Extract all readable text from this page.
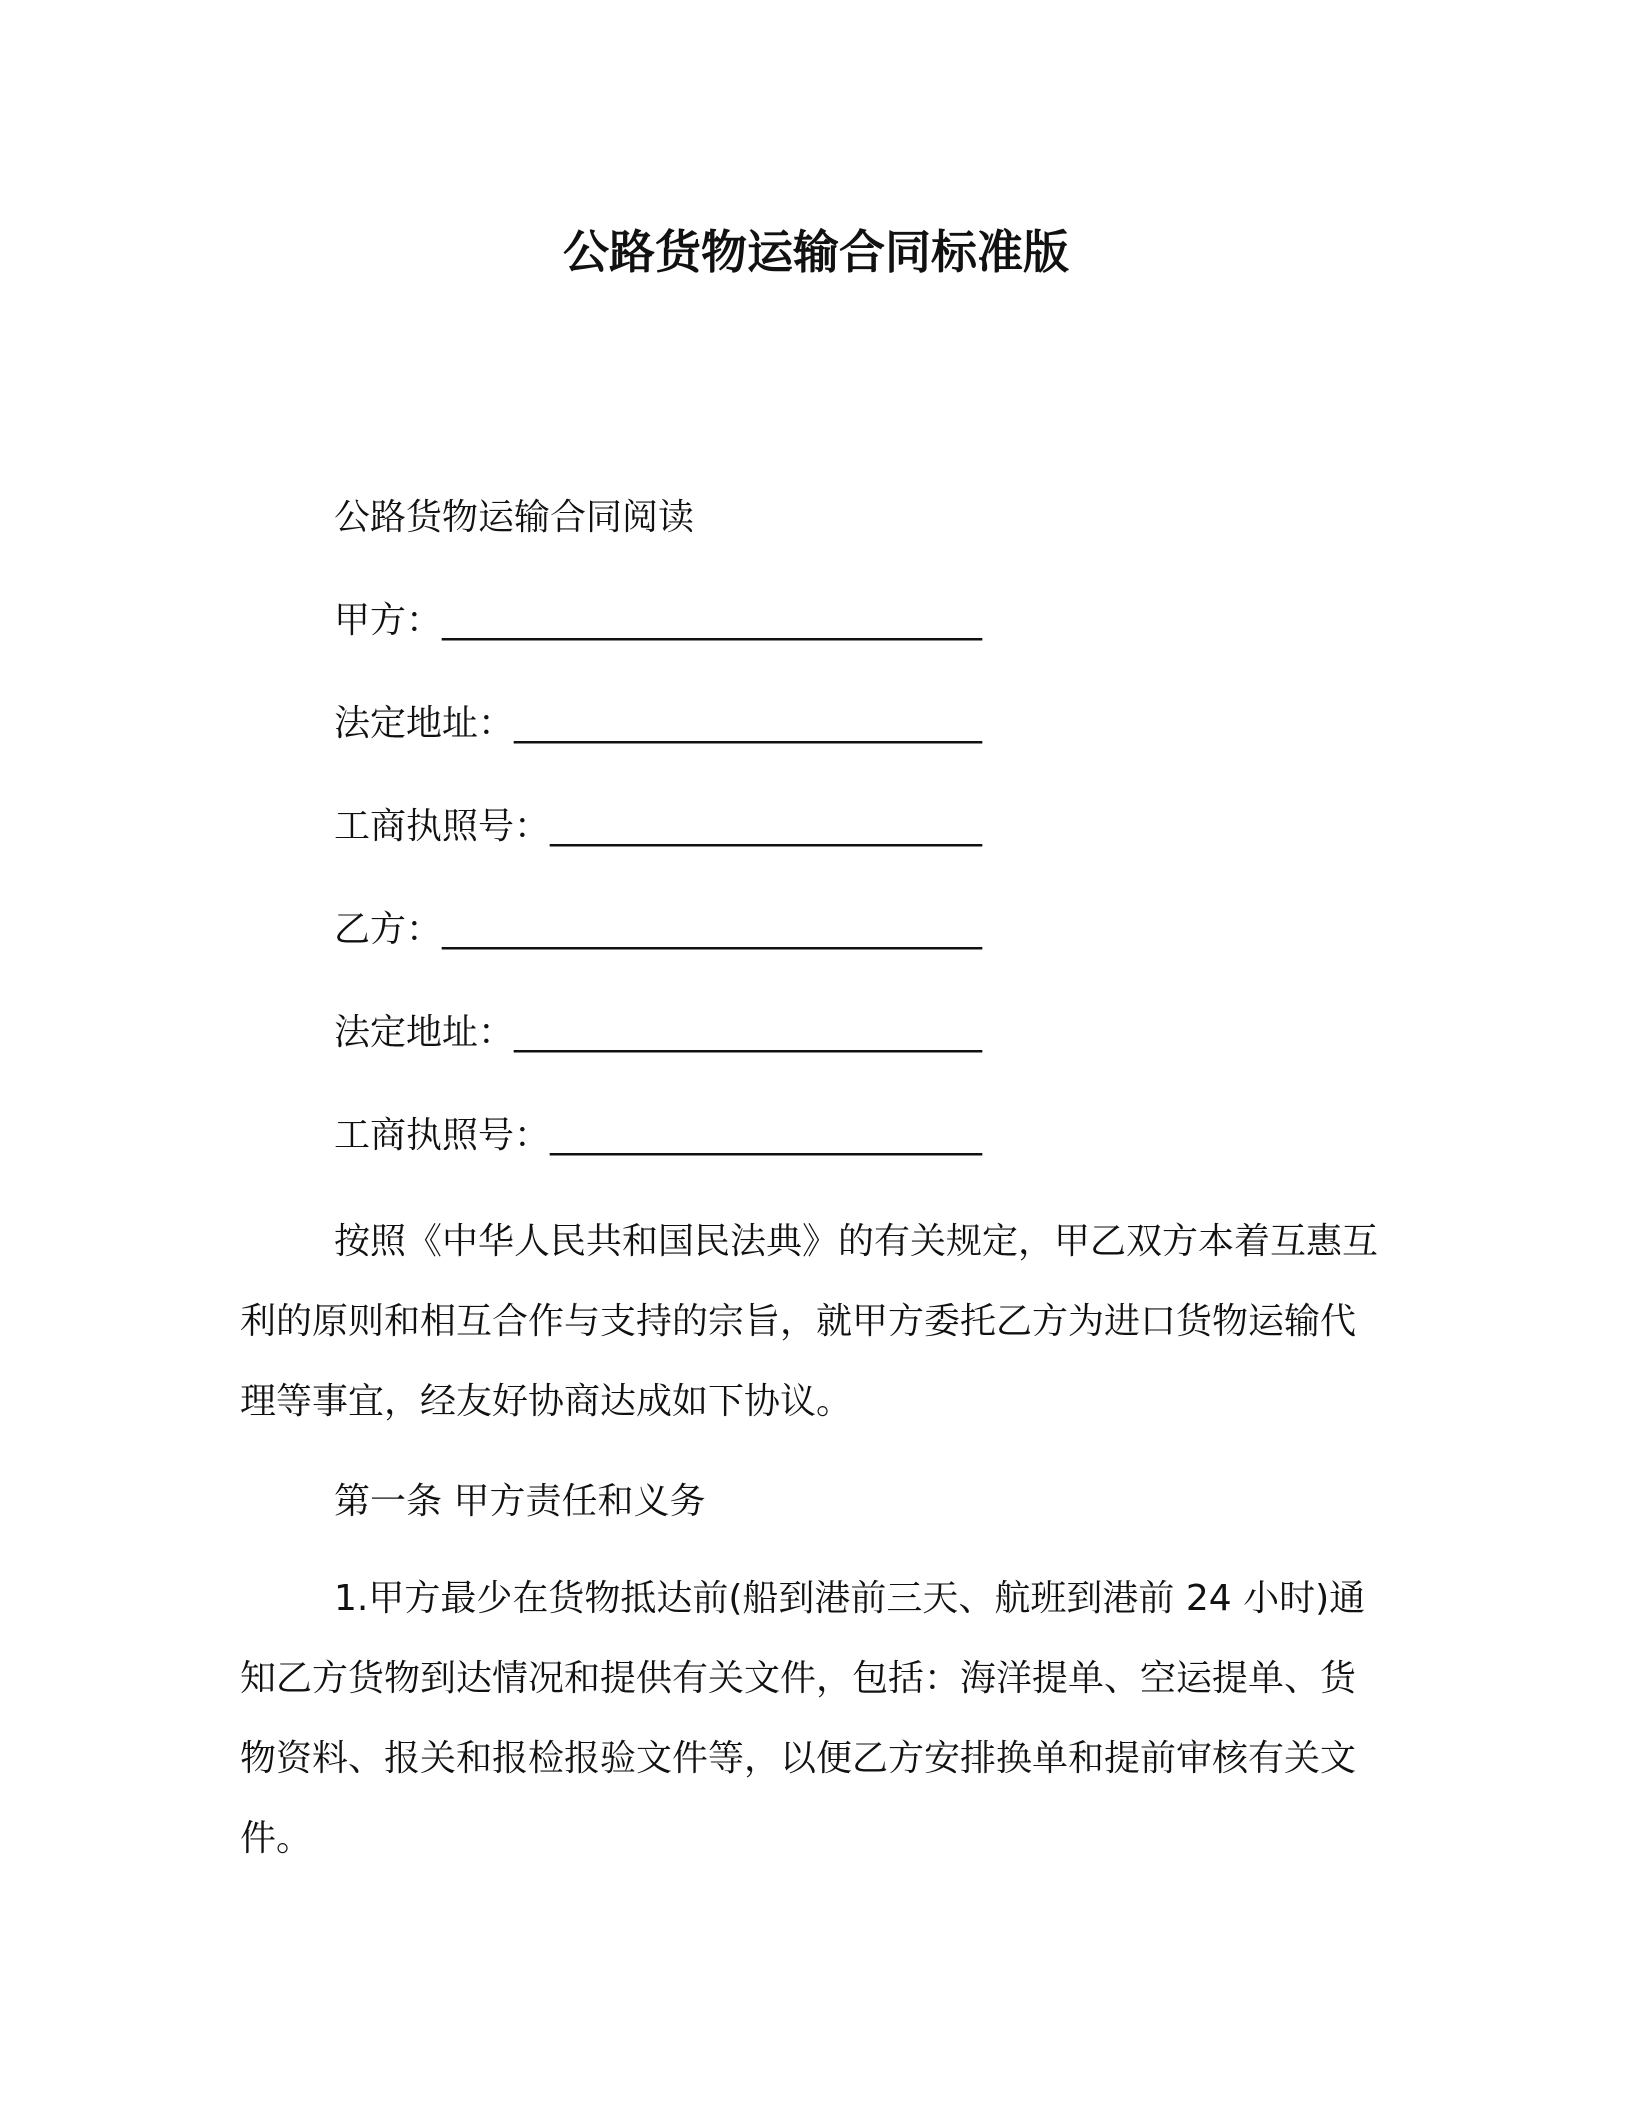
公路货物运输合同标准版
公路货物运输合同阅读
甲方：______________________________
法定地址：__________________________
工商执照号：________________________
乙方：______________________________
法定地址：__________________________
工商执照号：________________________
按照《中华人民共和国民法典》的有关规定，甲乙双方本着互惠互利的原则和相互合作与支持的宗旨，就甲方委托乙方为进口货物运输代理等事宜，经友好协商达成如下协议。
第一条 甲方责任和义务
1.甲方最少在货物抵达前(船到港前三天、航班到港前 24 小时)通知乙方货物到达情况和提供有关文件，包括：海洋提单、空运提单、货物资料、报关和报检报验文件等，以便乙方安排换单和提前审核有关文件。
